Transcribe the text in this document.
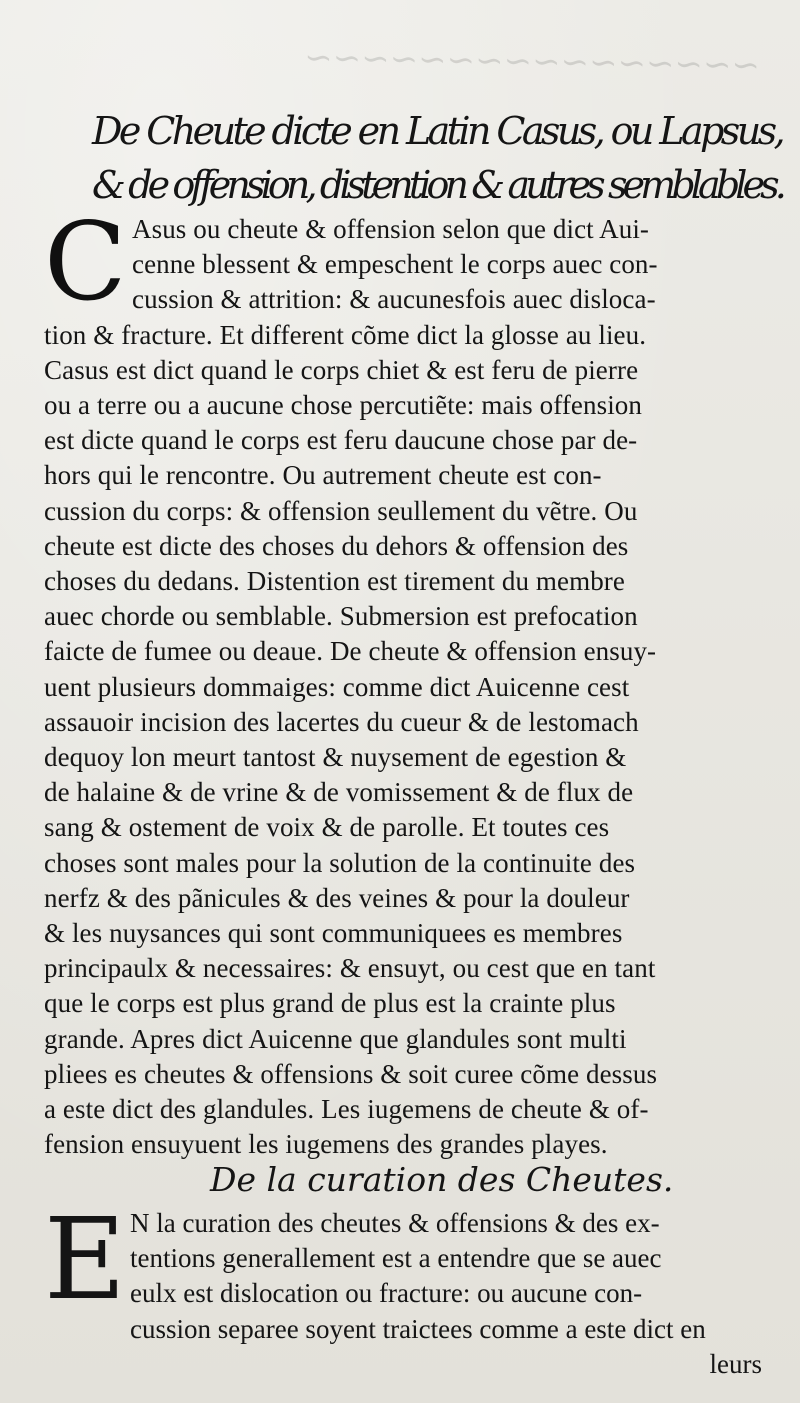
~~~~~~~~~~~~~~~~
De Cheute dicte en Latin Casus, ou Lapsus,
& de offension, distention & autres semblables.
C Asus ou cheute & offension selon que dict Aui-
cenne blessent & empeschent le corps auec con-
cussion & attrition: & aucunesfois auec disloca-
tion & fracture. Et different cõme dict la glosse au lieu.
Casus est dict quand le corps chiet & est feru de pierre
ou a terre ou a aucune chose percutiẽte: mais offension
est dicte quand le corps est feru daucune chose par de-
hors qui le rencontre. Ou autrement cheute est con-
cussion du corps: & offension seullement du vẽtre. Ou
cheute est dicte des choses du dehors & offension des
choses du dedans. Distention est tirement du membre
auec chorde ou semblable. Submersion est prefocation
faicte de fumee ou deaue. De cheute & offension ensuy-
uent plusieurs dommaiges: comme dict Auicenne cest
assauoir incision des lacertes du cueur & de lestomach
dequoy lon meurt tantost & nuysement de egestion &
de halaine & de vrine & de vomissement & de flux de
sang & ostement de voix & de parolle. Et toutes ces
choses sont males pour la solution de la continuite des
nerfz & des pãnicules & des veines & pour la douleur
& les nuysances qui sont communiquees es membres
principaulx & necessaires: & ensuyt, ou cest que en tant
que le corps est plus grand de plus est la crainte plus
grande. Apres dict Auicenne que glandules sont multi
pliees es cheutes & offensions & soit curee cõme dessus
a este dict des glandules. Les iugemens de cheute & of-
fension ensuyuent les iugemens des grandes playes.
De la curation des Cheutes.
E N la curation des cheutes & offensions & des ex-
tentions generallement est a entendre que se auec
eulx est dislocation ou fracture: ou aucune con-
cussion separee soyent traictees comme a este dict en
leurs
